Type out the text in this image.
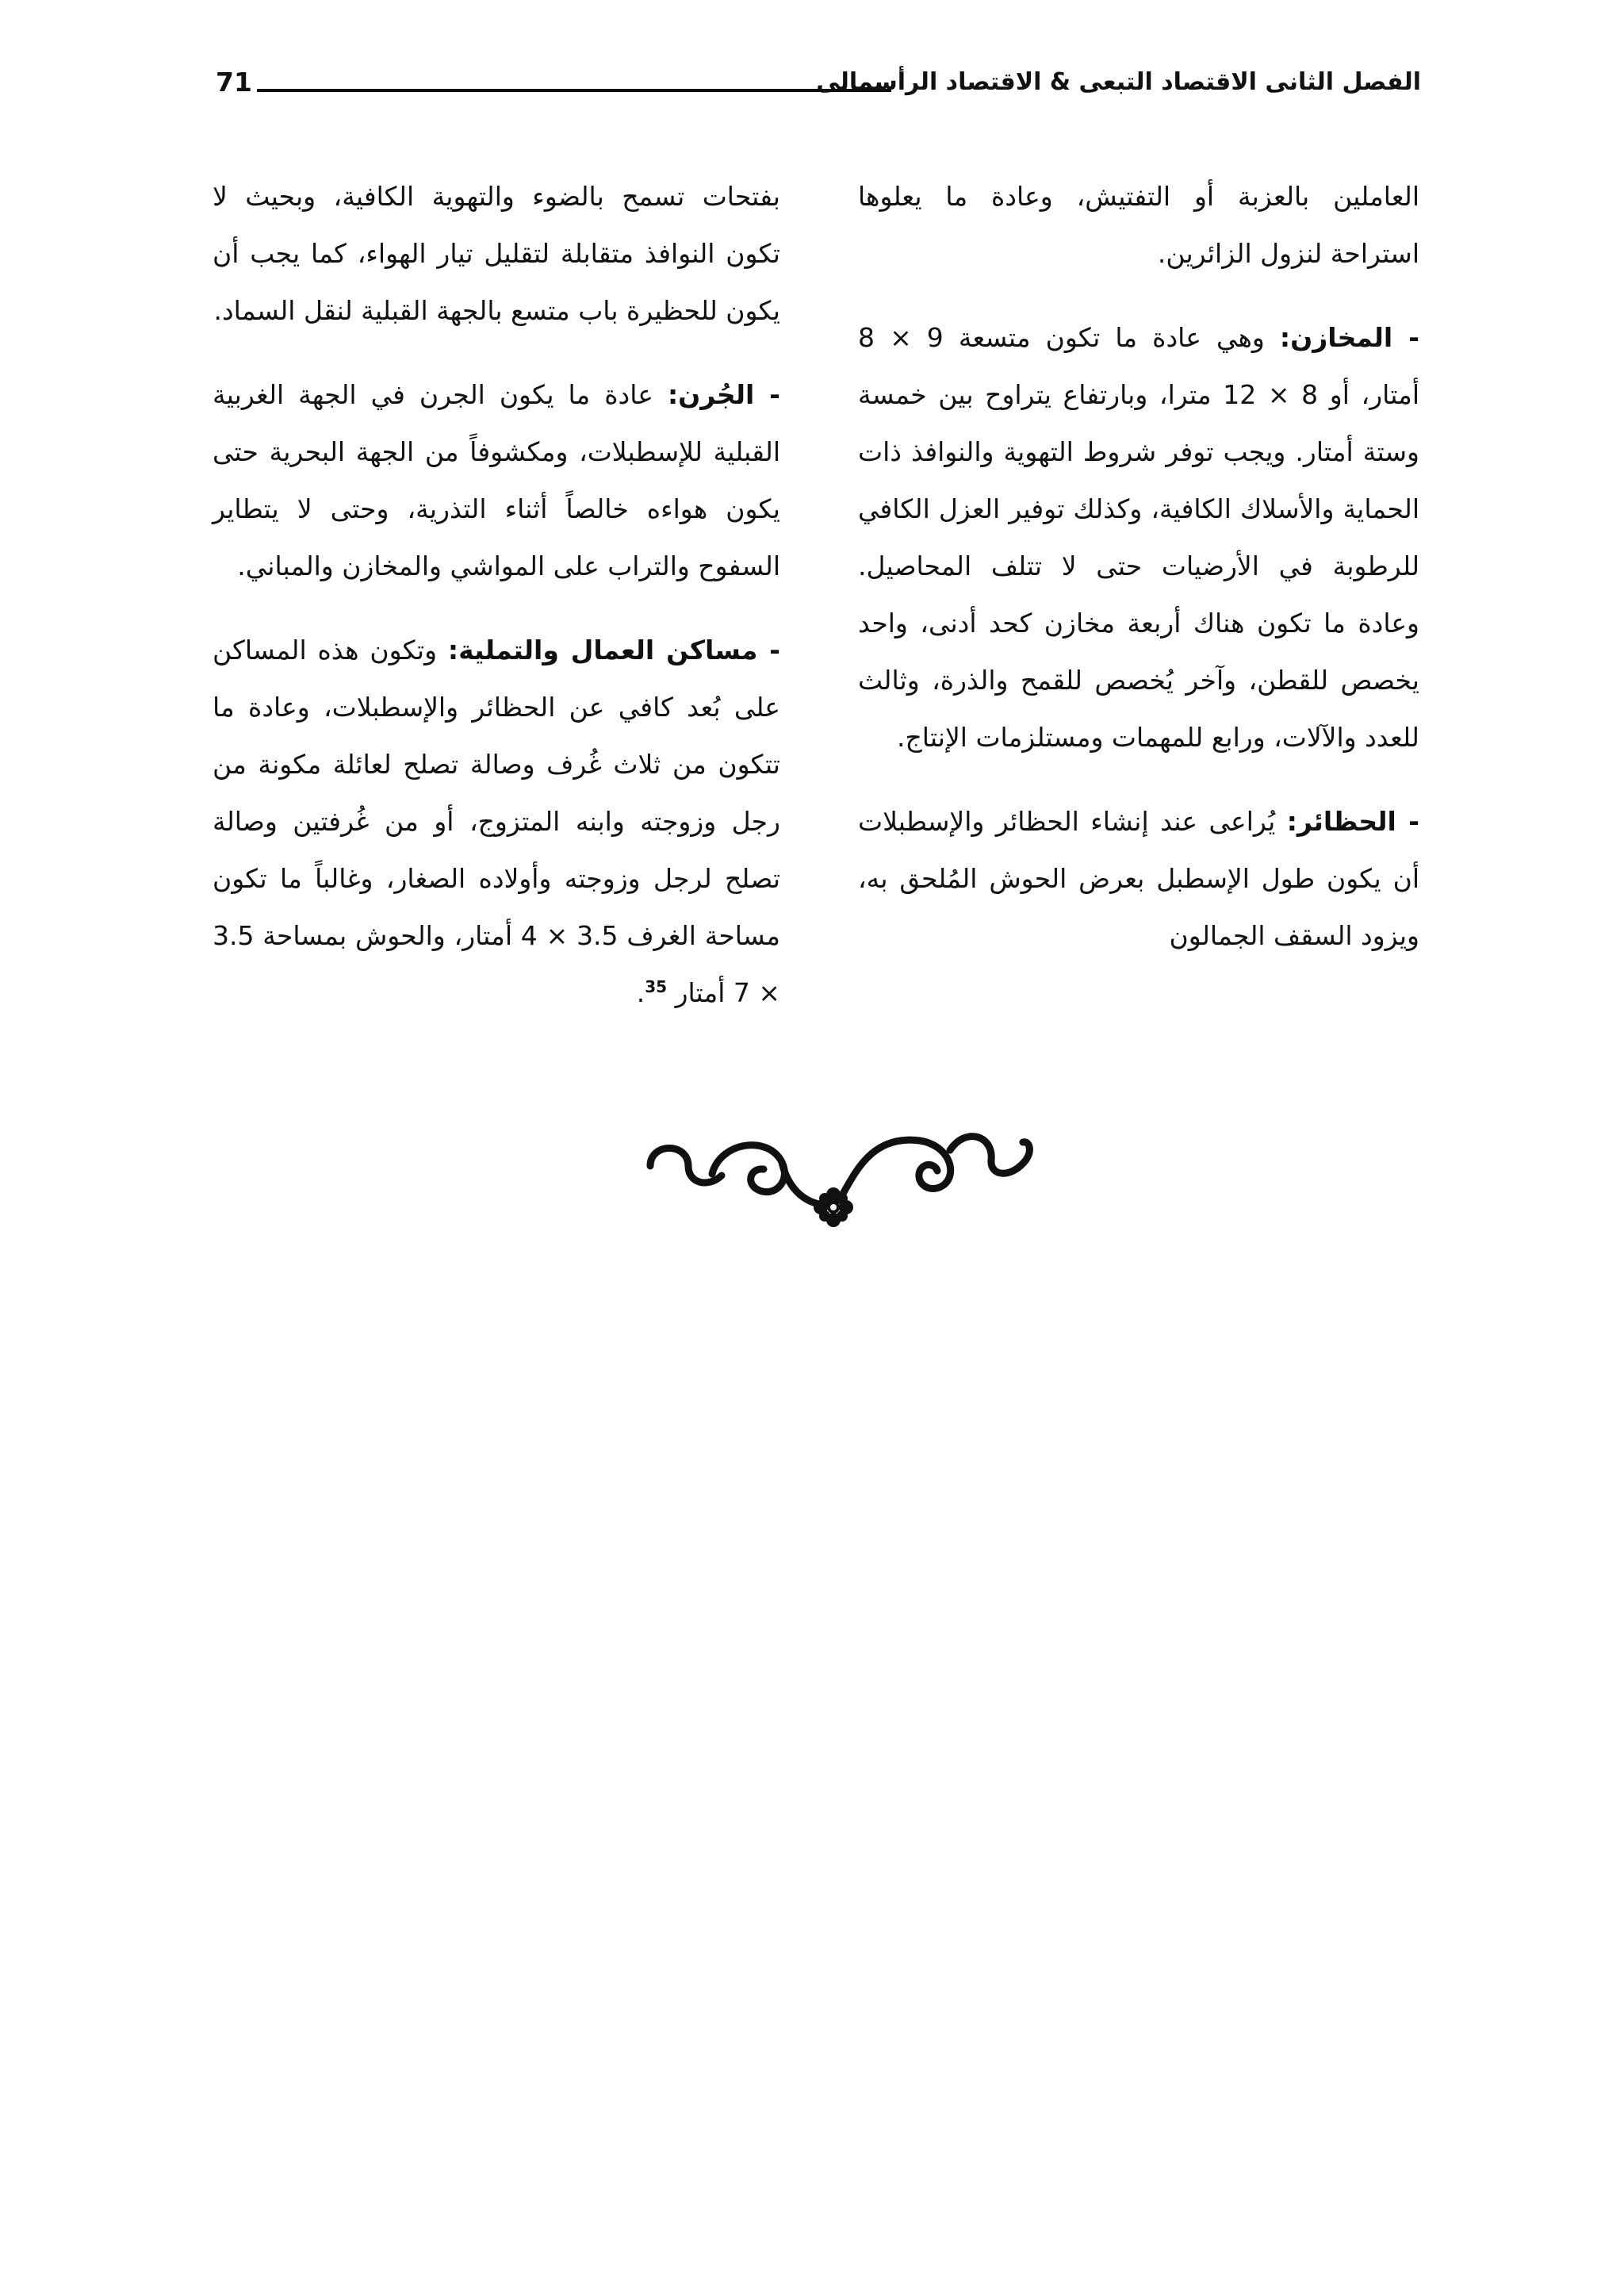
71	الفصل الثانى الاقتصاد التبعى & الاقتصاد الرأسمالى

العاملين بالعزبة أو التفتيش، وعادة ما يعلوها استراحة لنزول الزائرين.

- المخازن: وهي عادة ما تكون متسعة 9 × 8 أمتار، أو 8 × 12 مترا، وبارتفاع يتراوح بين خمسة وستة أمتار. ويجب توفر شروط التهوية والنوافذ ذات الحماية والأسلاك الكافية، وكذلك توفير العزل الكافي للرطوبة في الأرضيات حتى لا تتلف المحاصيل. وعادة ما تكون هناك أربعة مخازن كحد أدنى، واحد يخصص للقطن، وآخر يُخصص للقمح والذرة، وثالث للعدد والآلات، ورابع للمهمات ومستلزمات الإنتاج.

- الحظائر: يُراعى عند إنشاء الحظائر والإسطبلات أن يكون طول الإسطبل بعرض الحوش المُلحق به، ويزود السقف الجمالون

بفتحات تسمح بالضوء والتهوية الكافية، وبحيث لا تكون النوافذ متقابلة لتقليل تيار الهواء، كما يجب أن يكون للحظيرة باب متسع بالجهة القبلية لنقل السماد.

- الجُرن: عادة ما يكون الجرن في الجهة الغربية القبلية للإسطبلات، ومكشوفاً من الجهة البحرية حتى يكون هواءه خالصاً أثناء التذرية، وحتى لا يتطاير السفوح والتراب على المواشي والمخازن والمباني.

- مساكن العمال والتملية: وتكون هذه المساكن على بُعد كافي عن الحظائر والإسطبلات، وعادة ما تتكون من ثلاث غُرف وصالة تصلح لعائلة مكونة من رجل وزوجته وابنه المتزوج، أو من غُرفتين وصالة تصلح لرجل وزوجته وأولاده الصغار، وغالباً ما تكون مساحة الغرف 3.5 × 4 أمتار، والحوش بمساحة 3.5 × 7 أمتار $^{35}$.
